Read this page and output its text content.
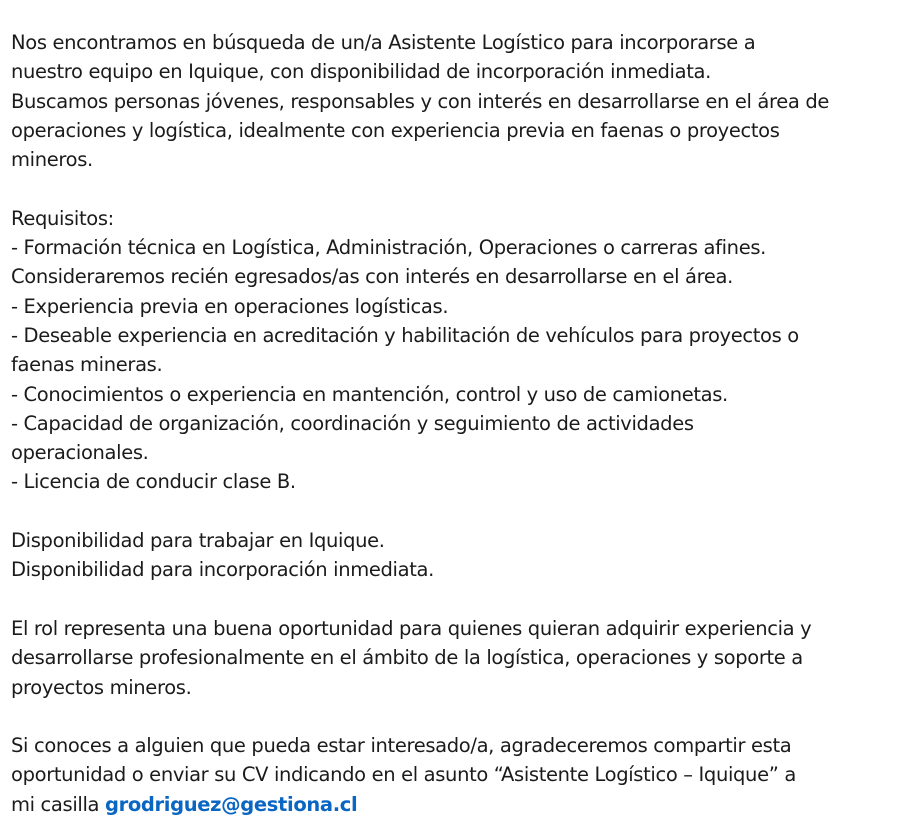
Nos encontramos en búsqueda de un/a Asistente Logístico para incorporarse a
nuestro equipo en Iquique, con disponibilidad de incorporación inmediata.
Buscamos personas jóvenes, responsables y con interés en desarrollarse en el área de
operaciones y logística, idealmente con experiencia previa en faenas o proyectos
mineros.
Requisitos:
- Formación técnica en Logística, Administración, Operaciones o carreras afines.
Consideraremos recién egresados/as con interés en desarrollarse en el área.
- Experiencia previa en operaciones logísticas.
- Deseable experiencia en acreditación y habilitación de vehículos para proyectos o
faenas mineras.
- Conocimientos o experiencia en mantención, control y uso de camionetas.
- Capacidad de organización, coordinación y seguimiento de actividades
operacionales.
- Licencia de conducir clase B.
Disponibilidad para trabajar en Iquique.
Disponibilidad para incorporación inmediata.
El rol representa una buena oportunidad para quienes quieran adquirir experiencia y
desarrollarse profesionalmente en el ámbito de la logística, operaciones y soporte a
proyectos mineros.
Si conoces a alguien que pueda estar interesado/a, agradeceremos compartir esta
oportunidad o enviar su CV indicando en el asunto “Asistente Logístico – Iquique” a
mi casilla grodriguez@gestiona.cl
